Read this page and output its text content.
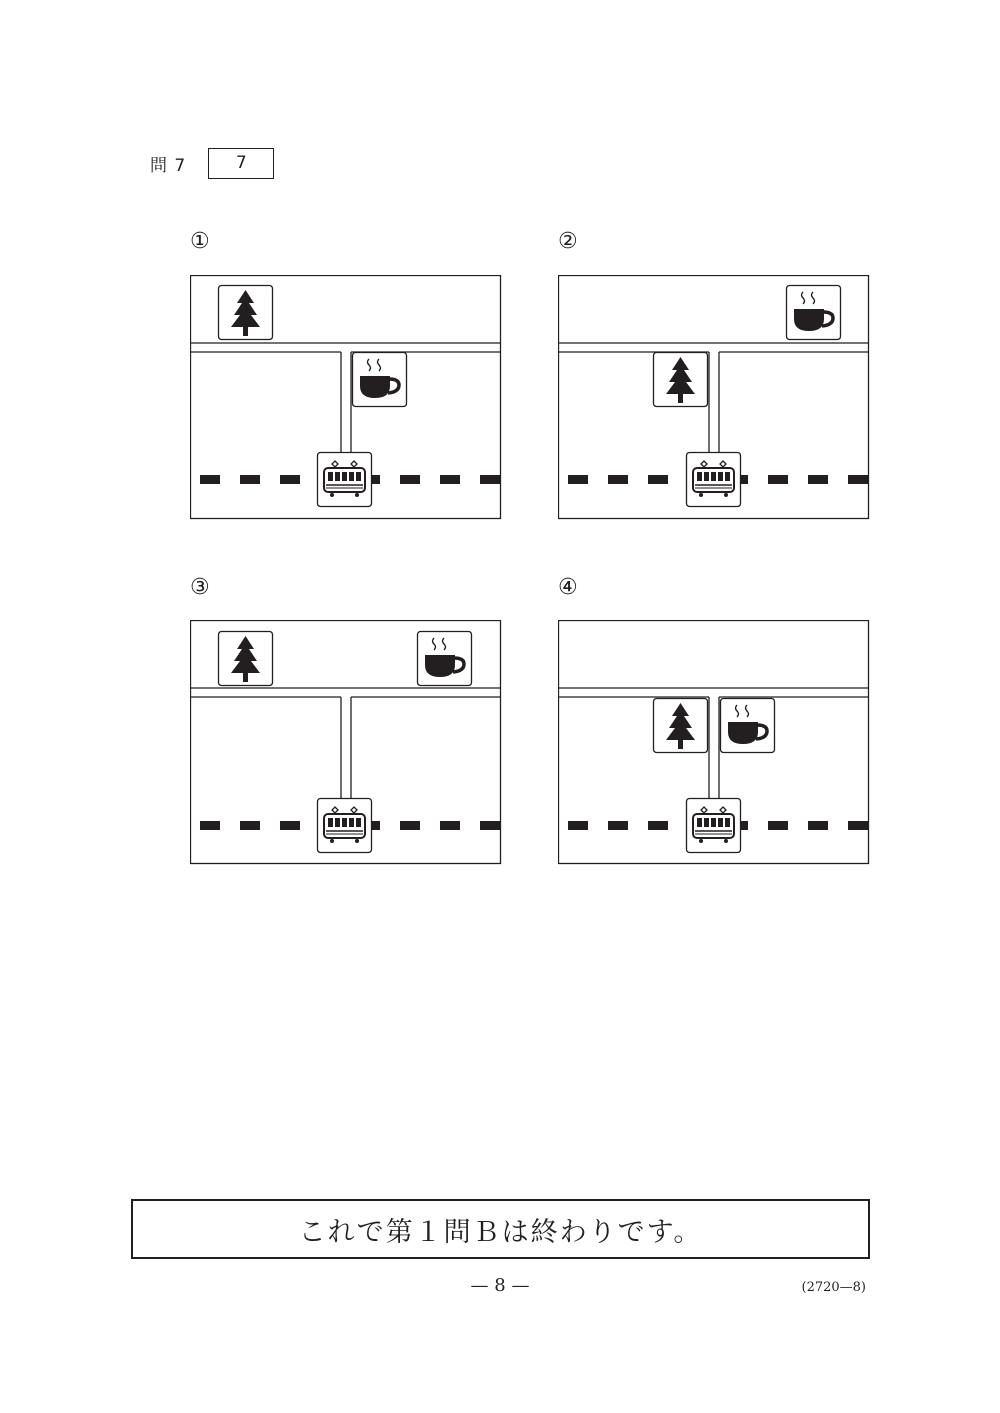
問 7	7
①	②
③	④
これで第１問Ｂは終わりです。
— 8 —	(2720—8)
